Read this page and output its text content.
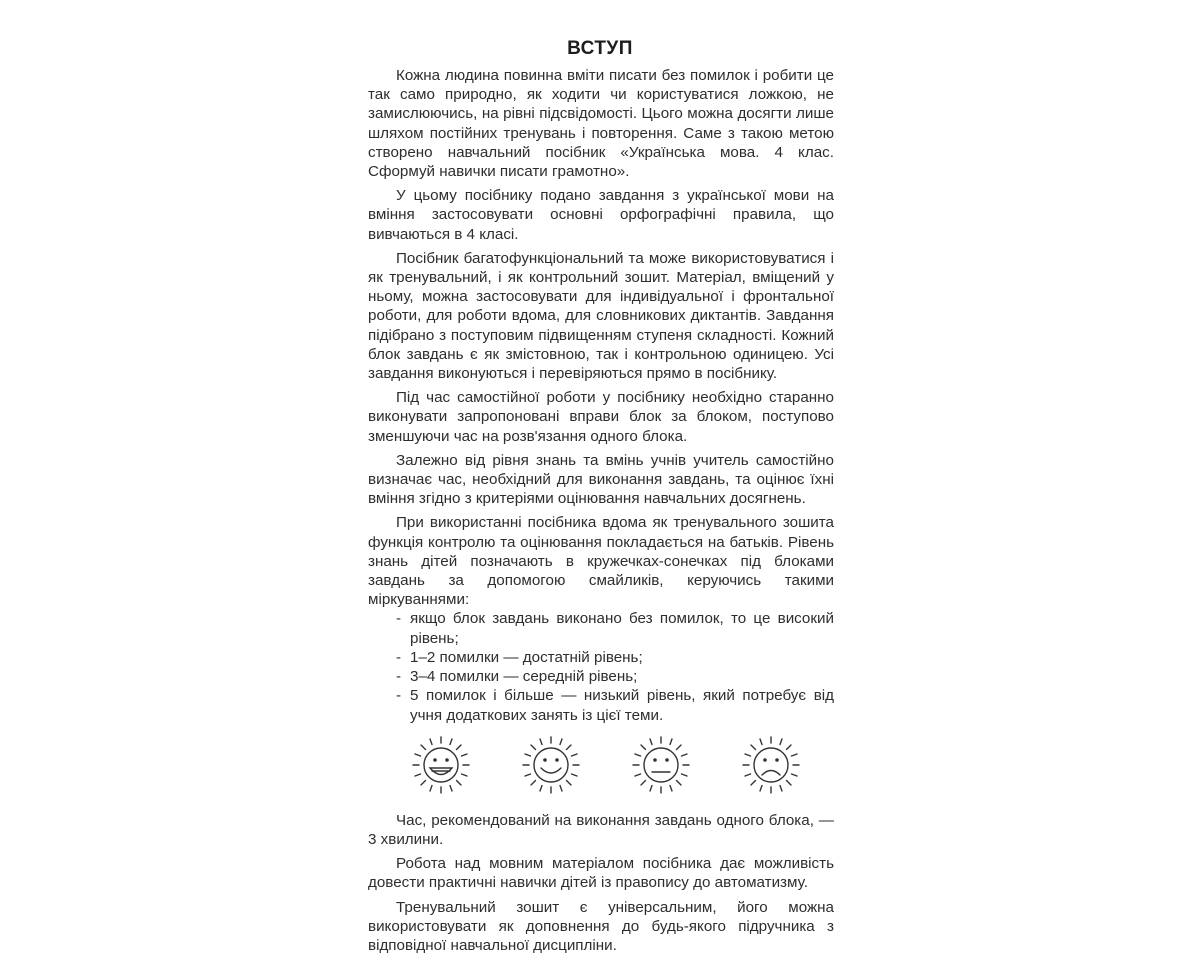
ВСТУП

Кожна людина повинна вміти писати без помилок і робити це так само природно, як ходити чи користуватися ложкою, не замислюючись, на рівні підсвідомості. Цього можна досягти лише шляхом постійних тренувань і повторення. Саме з такою метою створено навчальний посібник «Українська мова. 4 клас. Сформуй навички писати грамотно».

У цьому посібнику подано завдання з української мови на вміння застосовувати основні орфографічні правила, що вивчаються в 4 класі.

Посібник багатофункціональний та може використовуватися і як тренувальний, і як контрольний зошит. Матеріал, вміщений у ньому, можна застосовувати для індивідуальної і фронтальної роботи, для роботи вдома, для словникових диктантів. Завдання підібрано з поступовим підвищенням ступеня складності. Кожний блок завдань є як змістовною, так і контрольною одиницею. Усі завдання виконуються і перевіряються прямо в посібнику.

Під час самостійної роботи у посібнику необхідно старанно виконувати запропоновані вправи блок за блоком, поступово зменшуючи час на розв'язання одного блока.

Залежно від рівня знань та вмінь учнів учитель самостійно визначає час, необхідний для виконання завдань, та оцінює їхні вміння згідно з критеріями оцінювання навчальних досягнень.

При використанні посібника вдома як тренувального зошита функція контролю та оцінювання покладається на батьків. Рівень знань дітей позначають в кружечках-сонечках під блоками завдань за допомогою смайликів, керуючись такими міркуваннями:

- якщо блок завдань виконано без помилок, то це високий рівень;
- 1–2 помилки — достатній рівень;
- 3–4 помилки — середній рівень;
- 5 помилок і більше — низький рівень, який потребує від учня додаткових занять із цієї теми.

Час, рекомендований на виконання завдань одного блока, — 3 хвилини.

Робота над мовним матеріалом посібника дає можливість довести практичні навички дітей із правопису до автоматизму.

Тренувальний зошит є універсальним, його можна використовувати як доповнення до будь-якого підручника з відповідної навчальної дисципліни.
